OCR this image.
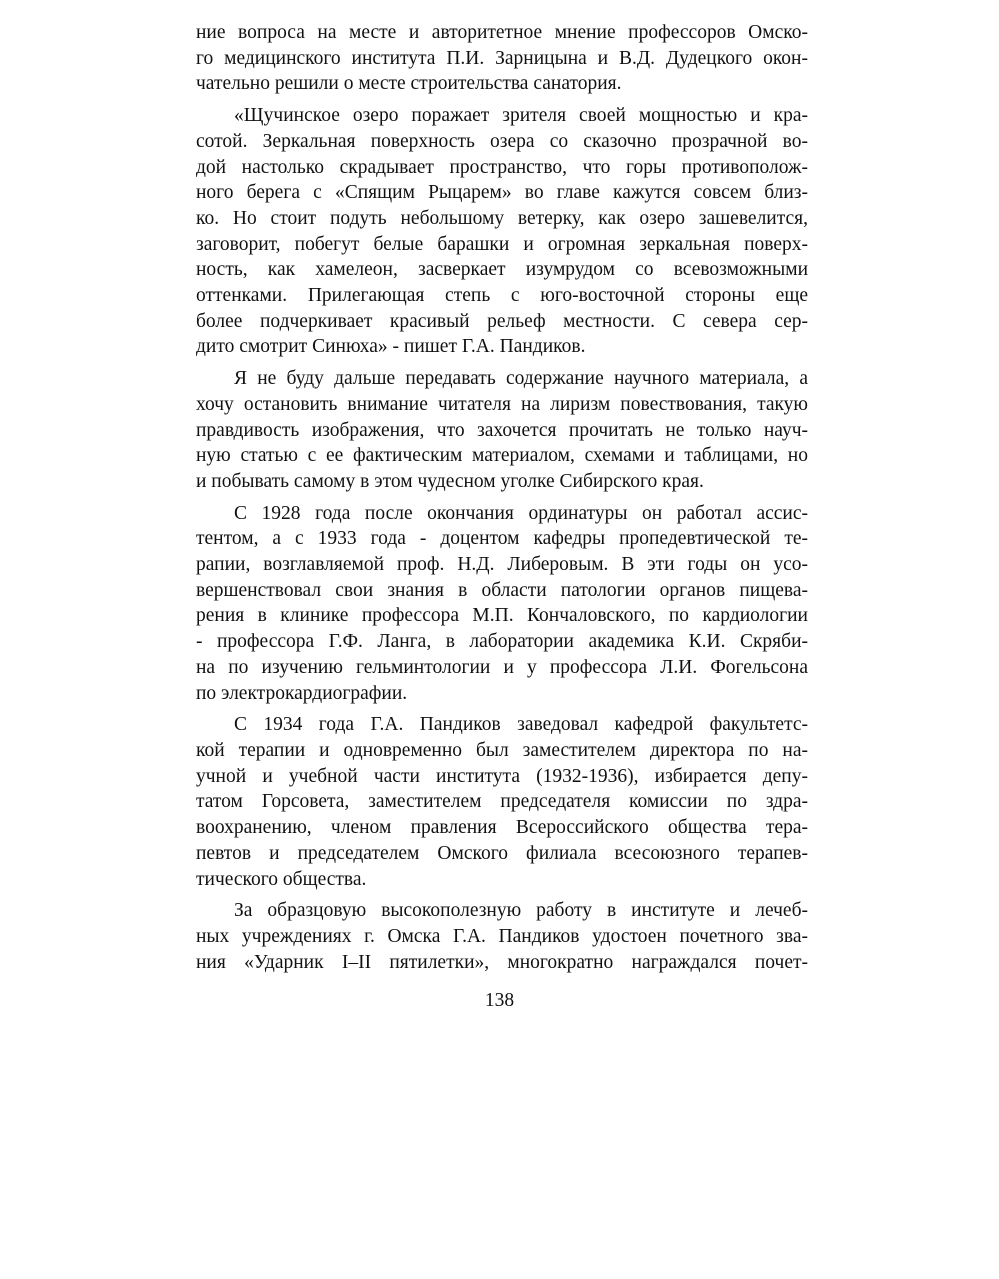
ние вопроса на месте и авторитетное мнение профессоров Омско-
го медицинского института П.И. Зарницына и В.Д. Дудецкого окон-
чательно решили о месте строительства санатория.
«Щучинское озеро поражает зрителя своей мощностью и кра-
сотой. Зеркальная поверхность озера со сказочно прозрачной во-
дой настолько скрадывает пространство, что горы противополож-
ного берега с «Спящим Рыцарем» во главе кажутся совсем близ-
ко. Но стоит подуть небольшому ветерку, как озеро зашевелится,
заговорит, побегут белые барашки и огромная зеркальная поверх-
ность, как хамелеон, засверкает изумрудом со всевозможными
оттенками. Прилегающая степь с юго-восточной стороны еще
более подчеркивает красивый рельеф местности. С севера сер-
дито смотрит Синюха» - пишет Г.А. Пандиков.
Я не буду дальше передавать содержание научного материала, а
хочу остановить внимание читателя на лиризм повествования, такую
правдивость изображения, что захочется прочитать не только науч-
ную статью с ее фактическим материалом, схемами и таблицами, но
и побывать самому в этом чудесном уголке Сибирского края.
С 1928 года после окончания ординатуры он работал ассис-
тентом, а с 1933 года - доцентом кафедры пропедевтической те-
рапии, возглавляемой проф. Н.Д. Либеровым. В эти годы он усо-
вершенствовал свои знания в области патологии органов пищева-
рения в клинике профессора М.П. Кончаловского, по кардиологии
- профессора Г.Ф. Ланга, в лаборатории академика К.И. Скряби-
на по изучению гельминтологии и у профессора Л.И. Фогельсона
по электрокардиографии.
С 1934 года Г.А. Пандиков заведовал кафедрой факультетс-
кой терапии и одновременно был заместителем директора по на-
учной и учебной части института (1932-1936), избирается депу-
татом Горсовета, заместителем председателя комиссии по здра-
воохранению, членом правления Всероссийского общества тера-
певтов и председателем Омского филиала всесоюзного терапев-
тического общества.
За образцовую высокополезную работу в институте и лечеб-
ных учреждениях г. Омска Г.А. Пандиков удостоен почетного зва-
ния «Ударник I–II пятилетки», многократно награждался почет-
138
